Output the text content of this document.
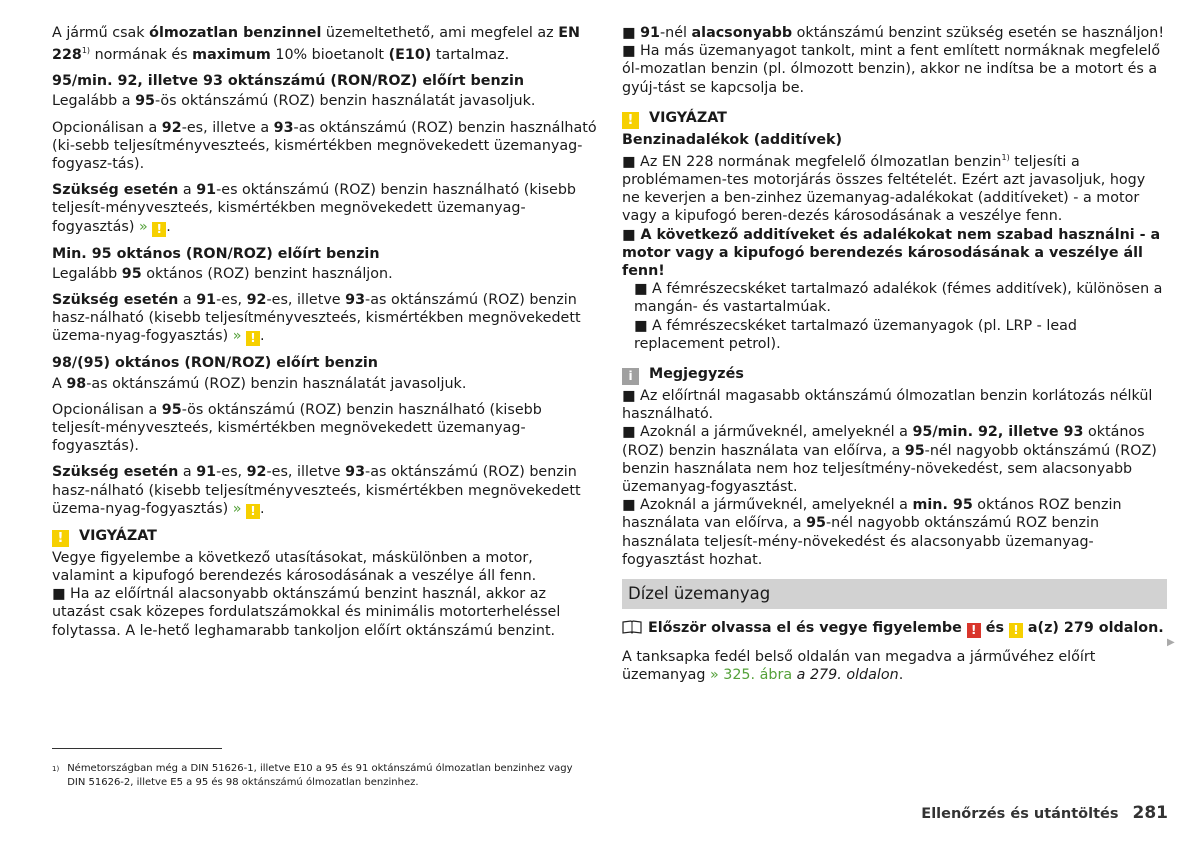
A jármű csak ólmozatlan benzinnel üzemeltethető, ami megfelel az EN 228$^{1)}$ normának és maximum 10% bioetanolt (E10) tartalmaz.

95/min. 92, illetve 93 oktánszámú (RON/ROZ) előírt benzin

Legalább a 95-ös oktánszámú (ROZ) benzin használatát javasoljuk.

Opcionálisan a 92-es, illetve a 93-as oktánszámú (ROZ) benzin használható (ki-sebb teljesítményveszteés, kismértékben megnövekedett üzemanyag-fogyasz-tás).

Szükség esetén a 91-es oktánszámú (ROZ) benzin használható (kisebb teljesít-ményveszteés, kismértékben megnövekedett üzemanyag-fogyasztás) » ! .

Min. 95 oktános (RON/ROZ) előírt benzin

Legalább 95 oktános (ROZ) benzint használjon.

Szükség esetén a 91-es, 92-es, illetve 93-as oktánszámú (ROZ) benzin hasz-nálható (kisebb teljesítményveszteés, kismértékben megnövekedett üzema-nyag-fogyasztás) » ! .

98/(95) oktános (RON/ROZ) előírt benzin

A 98-as oktánszámú (ROZ) benzin használatát javasoljuk.

Opcionálisan a 95-ös oktánszámú (ROZ) benzin használható (kisebb teljesít-ményveszteés, kismértékben megnövekedett üzemanyag-fogyasztás).

Szükség esetén a 91-es, 92-es, illetve 93-as oktánszámú (ROZ) benzin hasz-nálható (kisebb teljesítményveszteés, kismértékben megnövekedett üzema-nyag-fogyasztás) » ! .

! VIGYÁZAT
Vegye figyelembe a következő utasításokat, máskülönben a motor, valamint a kipufogó berendezés károsodásának a veszélye áll fenn.
■ Ha az előírtnál alacsonyabb oktánszámú benzint használ, akkor az utazást csak közepes fordulatszámokkal és minimális motorterheléssel folytassa. A le-hető leghamarabb tankoljon előírt oktánszámú benzint.
■ 91-nél alacsonyabb oktánszámú benzint szükség esetén se használjon!
■ Ha más üzemanyagot tankolt, mint a fent említett normáknak megfelelő ól-mozatlan benzin (pl. ólmozott benzin), akkor ne indítsa be a motort és a gyúj-tást se kapcsolja be.
! VIGYÁZAT
Benzinadalékok (additívek)
■ Az EN 228 normának megfelelő ólmozatlan benzin$^{1)}$ teljesíti a problémamen-tes motorjárás összes feltételét. Ezért azt javasoljuk, hogy ne keverjen a ben-zinhez üzemanyag-adalékokat (additíveket) - a motor vagy a kipufogó beren-dezés károsodásának a veszélye fenn.
■ A következő additíveket és adalékokat nem szabad használni - a motor vagy a kipufogó berendezés károsodásának a veszélye áll fenn!
■ A fémrészecskéket tartalmazó adalékok (fémes additívek), különösen a mangán- és vastartalmúak.
■ A fémrészecskéket tartalmazó üzemanyagok (pl. LRP - lead replacement petrol).
i Megjegyzés
■ Az előírtnál magasabb oktánszámú ólmozatlan benzin korlátozás nélkül használható.
■ Azoknál a járműveknél, amelyeknél a 95/min. 92, illetve 93 oktános (ROZ) benzin használata van előírva, a 95-nél nagyobb oktánszámú (ROZ) benzin használata nem hoz teljesítmény-növekedést, sem alacsonyabb üzemanyag-fogyasztást.
■ Azoknál a járműveknél, amelyeknél a min. 95 oktános ROZ benzin használata van előírva, a 95-nél nagyobb oktánszámú ROZ benzin használata teljesít-mény-növekedést és alacsonyabb üzemanyag-fogyasztást hozhat.
Dízel üzemanyag
Először olvassa el és vegye figyelembe ! és ! a(z) 279 oldalon.

A tanksapka fedél belső oldalán van megadva a járművéhez előírt üzemanyag » 325. ábra a 279. oldalon.

▶
$^{1)}$ Németországban még a DIN 51626-1, illetve E10 a 95 és 91 oktánszámú ólmozatlan benzinhez vagy DIN 51626-2, illetve E5 a 95 és 98 oktánszámú ólmozatlan benzinhez.
Ellenőrzés és utántöltés 281
